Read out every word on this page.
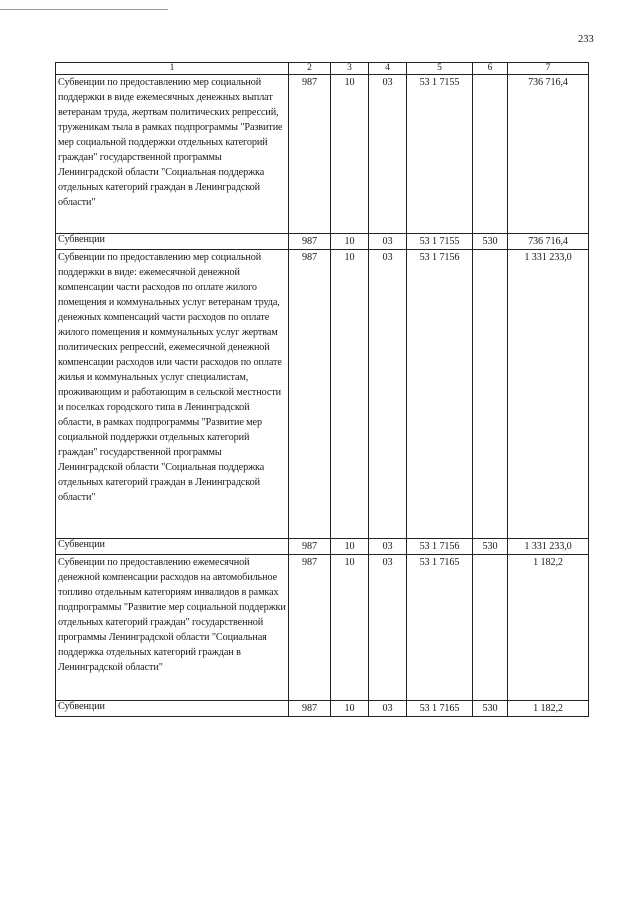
233
1	2	3	4	5	6	7
Субвенции по предоставлению мер социальной поддержки в виде ежемесячных денежных выплат ветеранам труда, жертвам политических репрессий, труженикам тыла в рамках подпрограммы "Развитие мер социальной поддержки отдельных категорий граждан" государственной программы Ленинградской области "Социальная поддержка отдельных категорий граждан в Ленинградской области"	987	10	03	53 1 7155		736 716,4
Субвенции	987	10	03	53 1 7155	530	736 716,4
Субвенции по предоставлению мер социальной поддержки в виде: ежемесячной денежной компенсации части расходов по оплате жилого помещения и коммунальных услуг ветеранам труда, денежных компенсаций части расходов по оплате жилого помещения и коммунальных услуг жертвам политических репрессий, ежемесячной денежной компенсации расходов или части расходов по оплате жилья и коммунальных услуг специалистам, проживающим и работающим в сельской местности и поселках городского типа в Ленинградской области, в рамках подпрограммы "Развитие мер социальной поддержки отдельных категорий граждан" государственной программы Ленинградской области "Социальная поддержка отдельных категорий граждан в Ленинградской области"	987	10	03	53 1 7156		1 331 233,0
Субвенции	987	10	03	53 1 7156	530	1 331 233,0
Субвенции по предоставлению ежемесячной денежной компенсации расходов на автомобильное топливо отдельным категориям инвалидов в рамках подпрограммы "Развитие мер социальной поддержки отдельных категорий граждан" государственной программы Ленинградской области "Социальная поддержка отдельных категорий граждан в Ленинградской области"	987	10	03	53 1 7165		1 182,2
Субвенции	987	10	03	53 1 7165	530	1 182,2
